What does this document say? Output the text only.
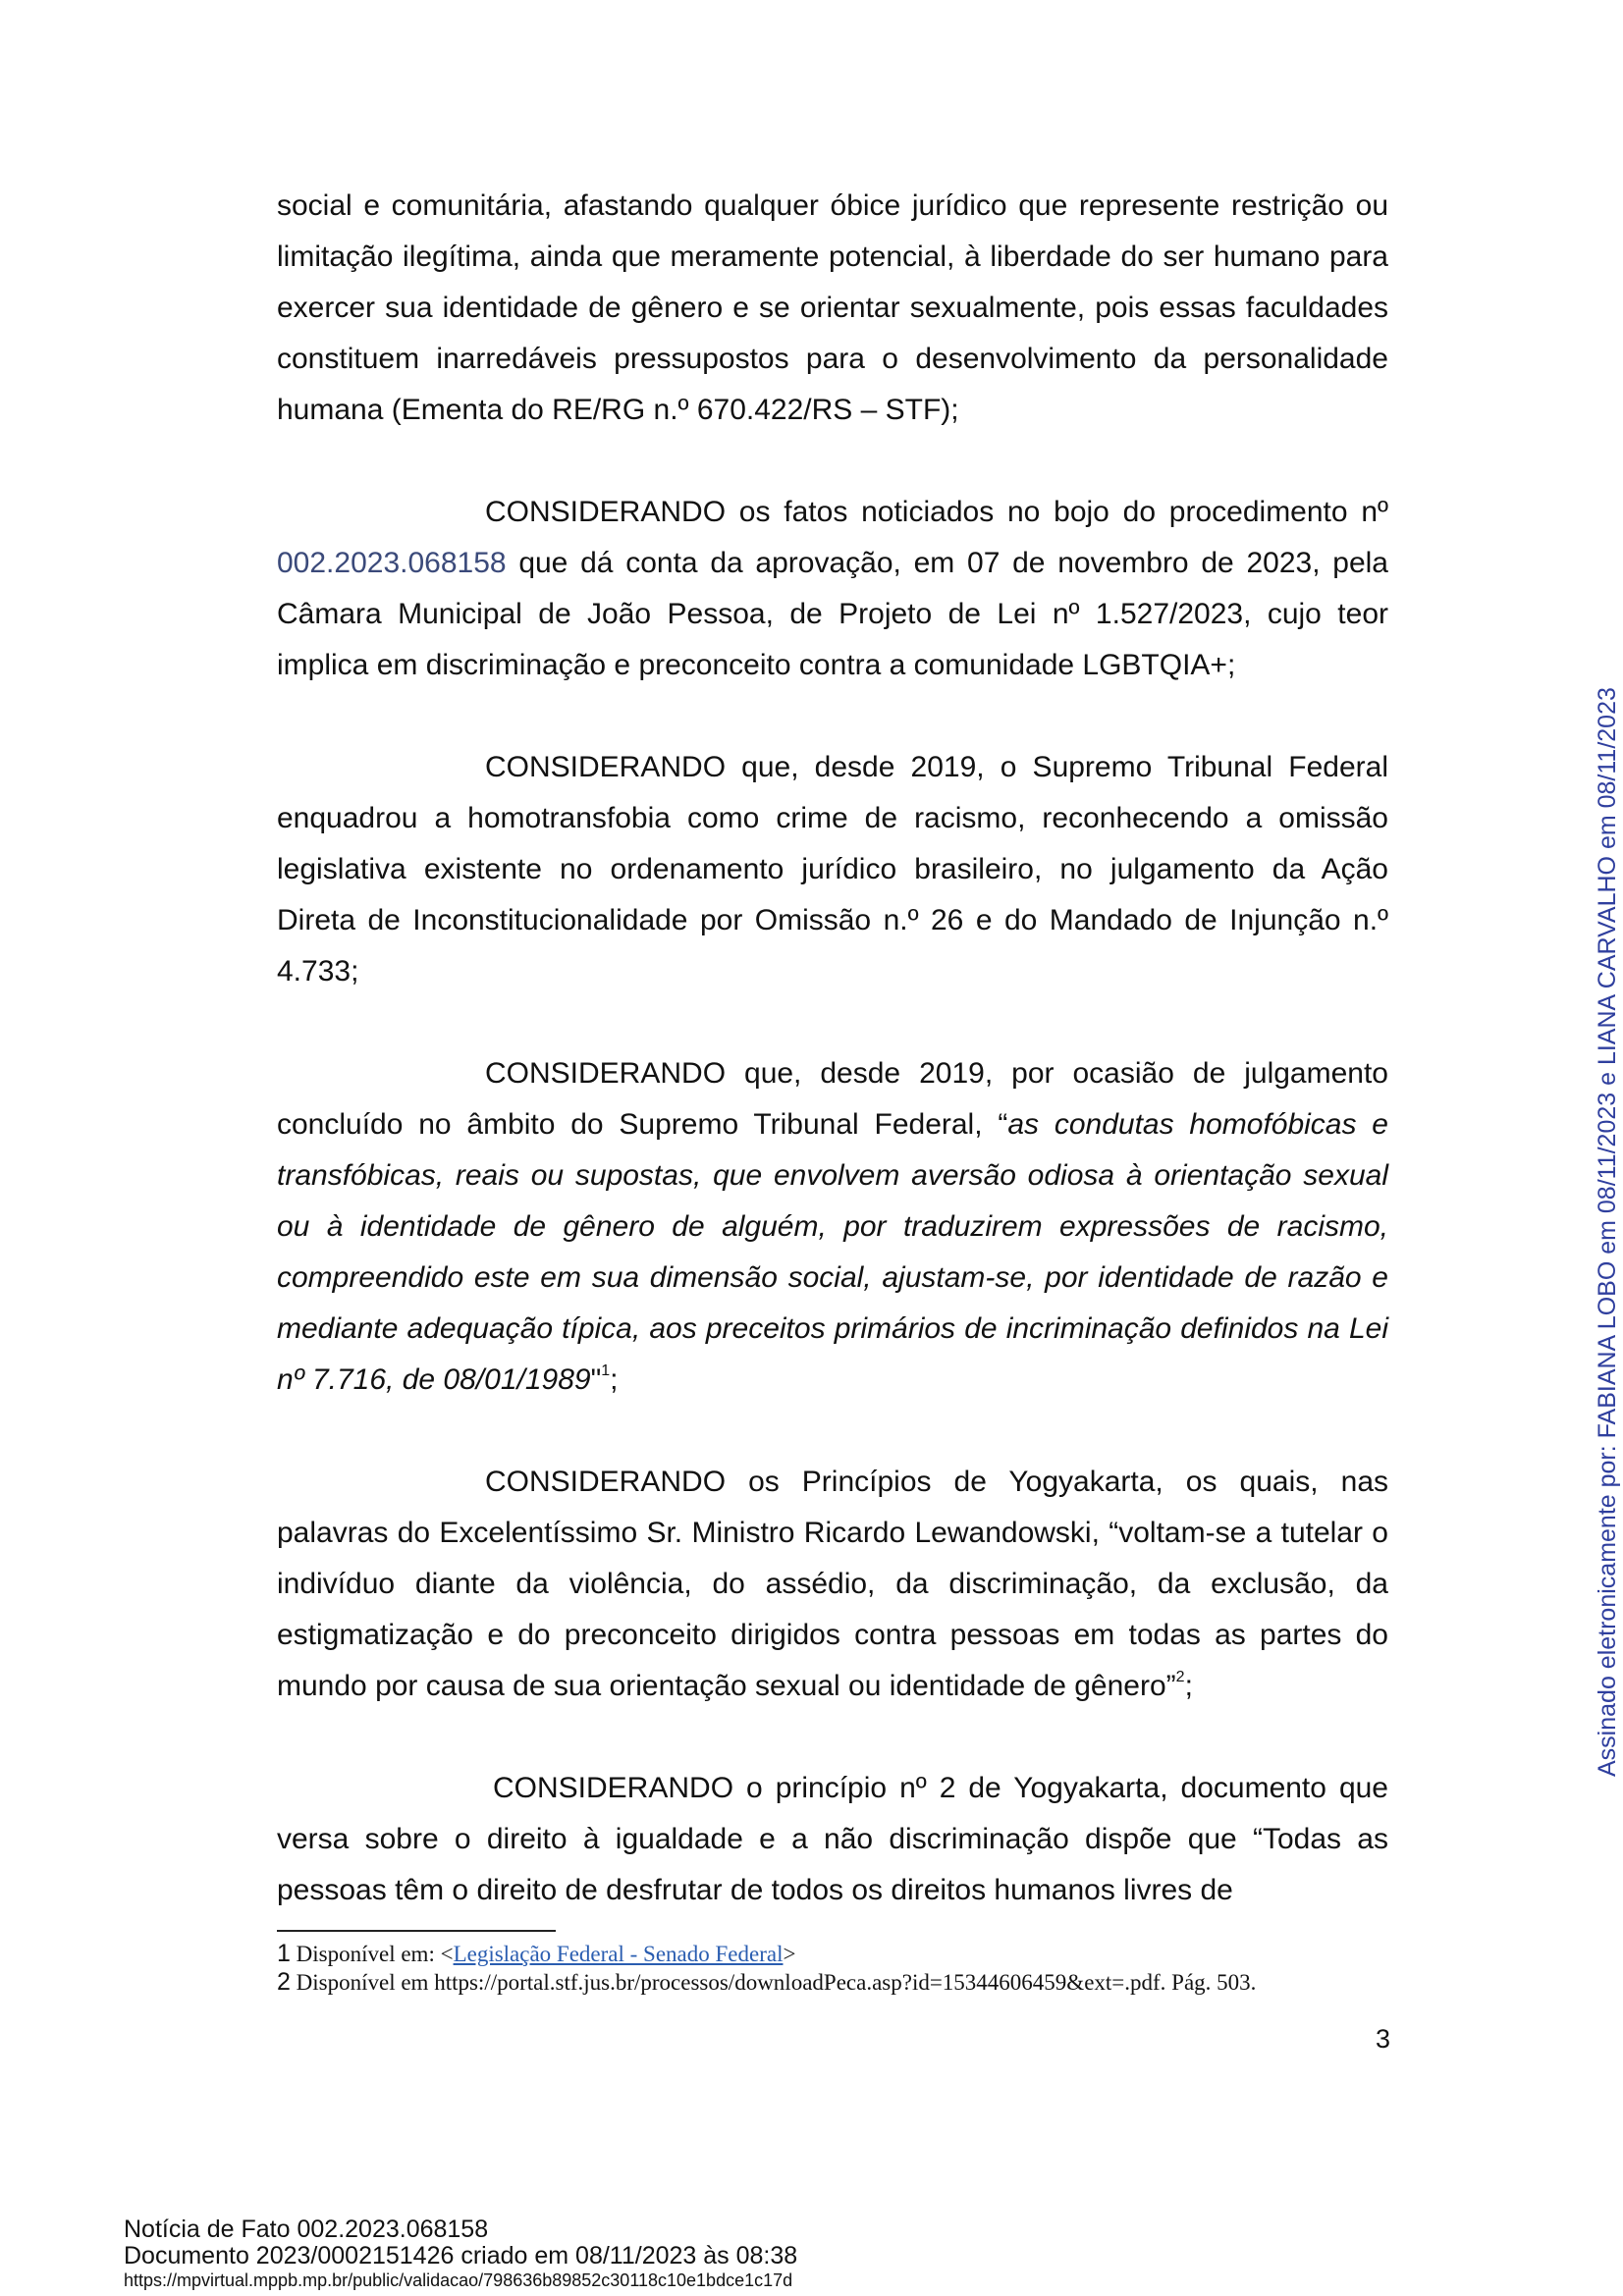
social e comunitária, afastando qualquer óbice jurídico que represente restrição ou limitação ilegítima, ainda que meramente potencial, à liberdade do ser humano para exercer sua identidade de gênero e se orientar sexualmente, pois essas faculdades constituem inarredáveis pressupostos para o desenvolvimento da personalidade humana (Ementa do RE/RG n.º 670.422/RS – STF);

CONSIDERANDO os fatos noticiados no bojo do procedimento nº 002.2023.068158 que dá conta da aprovação, em 07 de novembro de 2023, pela Câmara Municipal de João Pessoa, de Projeto de Lei nº 1.527/2023, cujo teor implica em discriminação e preconceito contra a comunidade LGBTQIA+;

CONSIDERANDO que, desde 2019, o Supremo Tribunal Federal enquadrou a homotransfobia como crime de racismo, reconhecendo a omissão legislativa existente no ordenamento jurídico brasileiro, no julgamento da Ação Direta de Inconstitucionalidade por Omissão n.º 26 e do Mandado de Injunção n.º 4.733;

CONSIDERANDO que, desde 2019, por ocasião de julgamento concluído no âmbito do Supremo Tribunal Federal, “as condutas homofóbicas e transfóbicas, reais ou supostas, que envolvem aversão odiosa à orientação sexual ou à identidade de gênero de alguém, por traduzirem expressões de racismo, compreendido este em sua dimensão social, ajustam-se, por identidade de razão e mediante adequação típica, aos preceitos primários de incriminação definidos na Lei nº 7.716, de 08/01/1989"$^1$;

CONSIDERANDO os Princípios de Yogyakarta, os quais, nas palavras do Excelentíssimo Sr. Ministro Ricardo Lewandowski, “voltam-se a tutelar o indivíduo diante da violência, do assédio, da discriminação, da exclusão, da estigmatização e do preconceito dirigidos contra pessoas em todas as partes do mundo por causa de sua orientação sexual ou identidade de gênero”$^2$;

CONSIDERANDO o princípio nº 2 de Yogyakarta, documento que versa sobre o direito à igualdade e a não discriminação dispõe que “Todas as pessoas têm o direito de desfrutar de todos os direitos humanos livres de

1 Disponível em: <Legislação Federal - Senado Federal>
2 Disponível em https://portal.stf.jus.br/processos/downloadPeca.asp?id=15344606459&ext=.pdf. Pág. 503.
3
Assinado eletronicamente por: FABIANA LOBO em 08/11/2023 e LIANA CARVALHO em 08/11/2023
Notícia de Fato 002.2023.068158
Documento 2023/0002151426 criado em 08/11/2023 às 08:38
https://mpvirtual.mppb.mp.br/public/validacao/798636b89852c30118c10e1bdce1c17d
